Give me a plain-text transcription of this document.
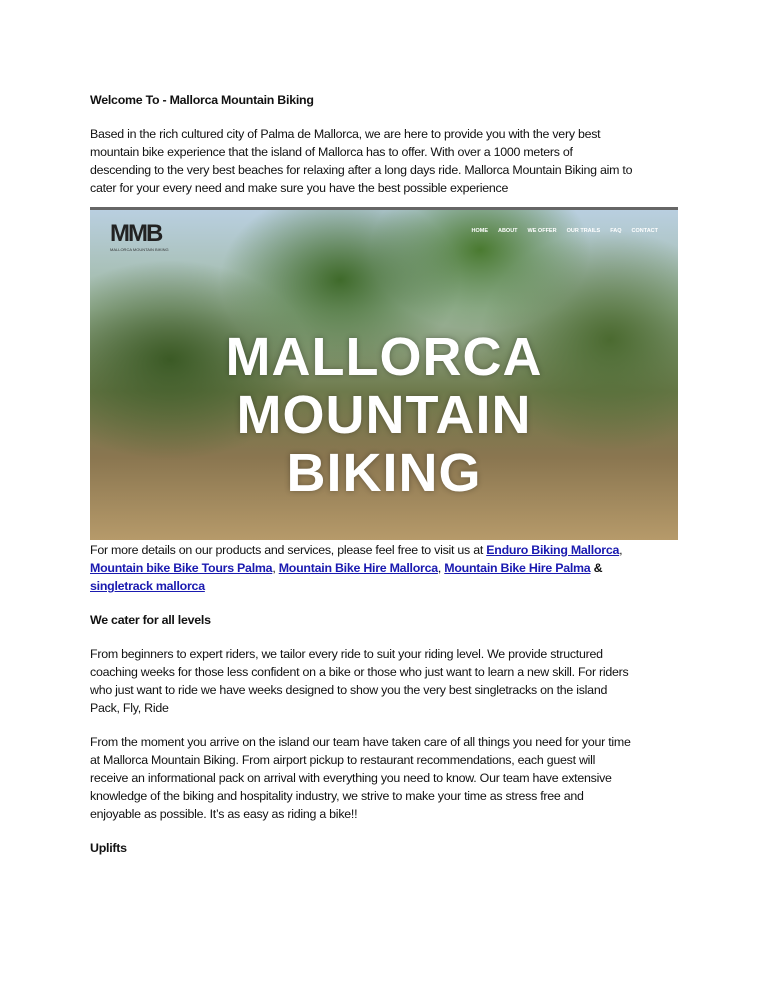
Welcome To - Mallorca Mountain Biking
Based in the rich cultured city of Palma de Mallorca, we are here to provide you with the very best
mountain bike experience that the island of Mallorca has to offer. With over a 1000 meters of
descending to the very best beaches for relaxing after a long days ride. Mallorca Mountain Biking aim to
cater for your every need and make sure you have the best possible experience
MMB
MALLORCA MOUNTAIN BIKING
HOME ABOUT WE OFFER OUR TRAILS FAQ CONTACT
MALLORCA
MOUNTAIN
BIKING
For more details on our products and services, please feel free to visit us at Enduro Biking Mallorca,
Mountain bike Bike Tours Palma, Mountain Bike Hire Mallorca, Mountain Bike Hire Palma &
singletrack mallorca
We cater for all levels
From beginners to expert riders, we tailor every ride to suit your riding level. We provide structured
coaching weeks for those less confident on a bike or those who just want to learn a new skill. For riders
who just want to ride we have weeks designed to show you the very best singletracks on the island
Pack, Fly, Ride
From the moment you arrive on the island our team have taken care of all things you need for your time
at Mallorca Mountain Biking. From airport pickup to restaurant recommendations, each guest will
receive an informational pack on arrival with everything you need to know. Our team have extensive
knowledge of the biking and hospitality industry, we strive to make your time as stress free and
enjoyable as possible. It’s as easy as riding a bike!!
Uplifts
